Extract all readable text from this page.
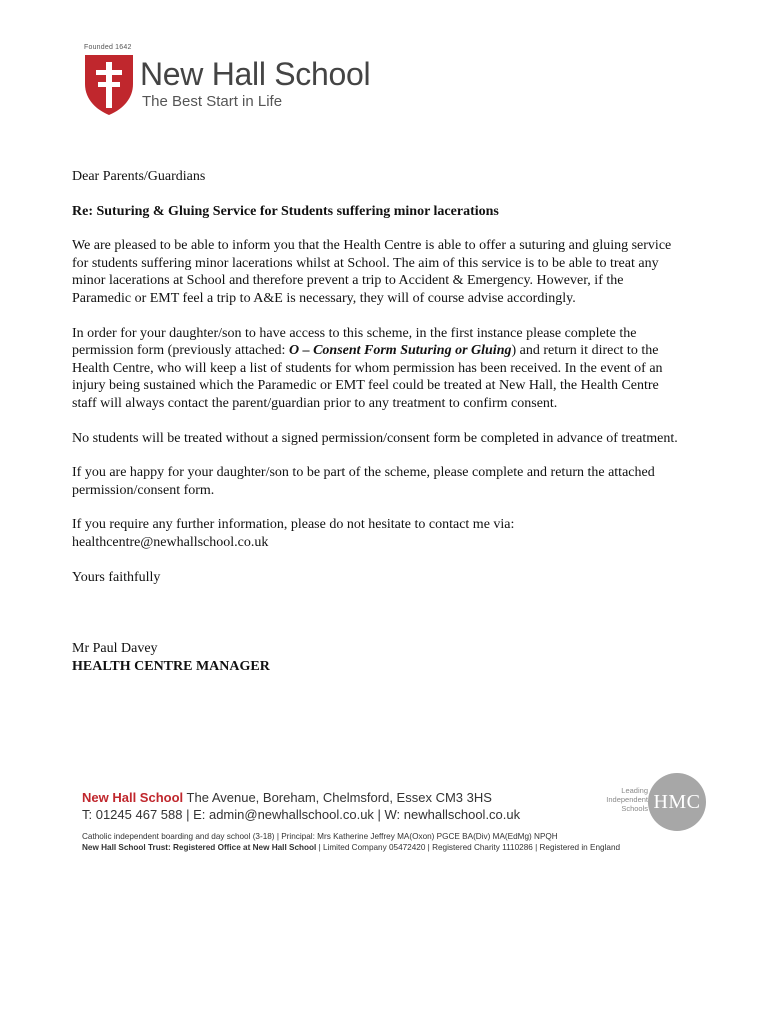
Founded 1642
New Hall School
The Best Start in Life

Dear Parents/Guardians

Re: Suturing & Gluing Service for Students suffering minor lacerations

We are pleased to be able to inform you that the Health Centre is able to offer a suturing and gluing service for students suffering minor lacerations whilst at School. The aim of this service is to be able to treat any minor lacerations at School and therefore prevent a trip to Accident & Emergency. However, if the Paramedic or EMT feel a trip to A&E is necessary, they will of course advise accordingly.

In order for your daughter/son to have access to this scheme, in the first instance please complete the permission form (previously attached: O – Consent Form Suturing or Gluing) and return it direct to the Health Centre, who will keep a list of students for whom permission has been received. In the event of an injury being sustained which the Paramedic or EMT feel could be treated at New Hall, the Health Centre staff will always contact the parent/guardian prior to any treatment to confirm consent.

No students will be treated without a signed permission/consent form be completed in advance of treatment.

If you are happy for your daughter/son to be part of the scheme, please complete and return the attached permission/consent form.

If you require any further information, please do not hesitate to contact me via:
healthcentre@newhallschool.co.uk

Yours faithfully

Mr Paul Davey

HEALTH CENTRE MANAGER

New Hall School The Avenue, Boreham, Chelmsford, Essex CM3 3HS
T: 01245 467 588 | E: admin@newhallschool.co.uk | W: newhallschool.co.uk
Catholic independent boarding and day school (3-18) | Principal: Mrs Katherine Jeffrey MA(Oxon) PGCE BA(Div) MA(EdMg) NPQH
New Hall School Trust: Registered Office at New Hall School | Limited Company 05472420 | Registered Charity 1110286 | Registered in England
Leading
Independent
Schools HMC
